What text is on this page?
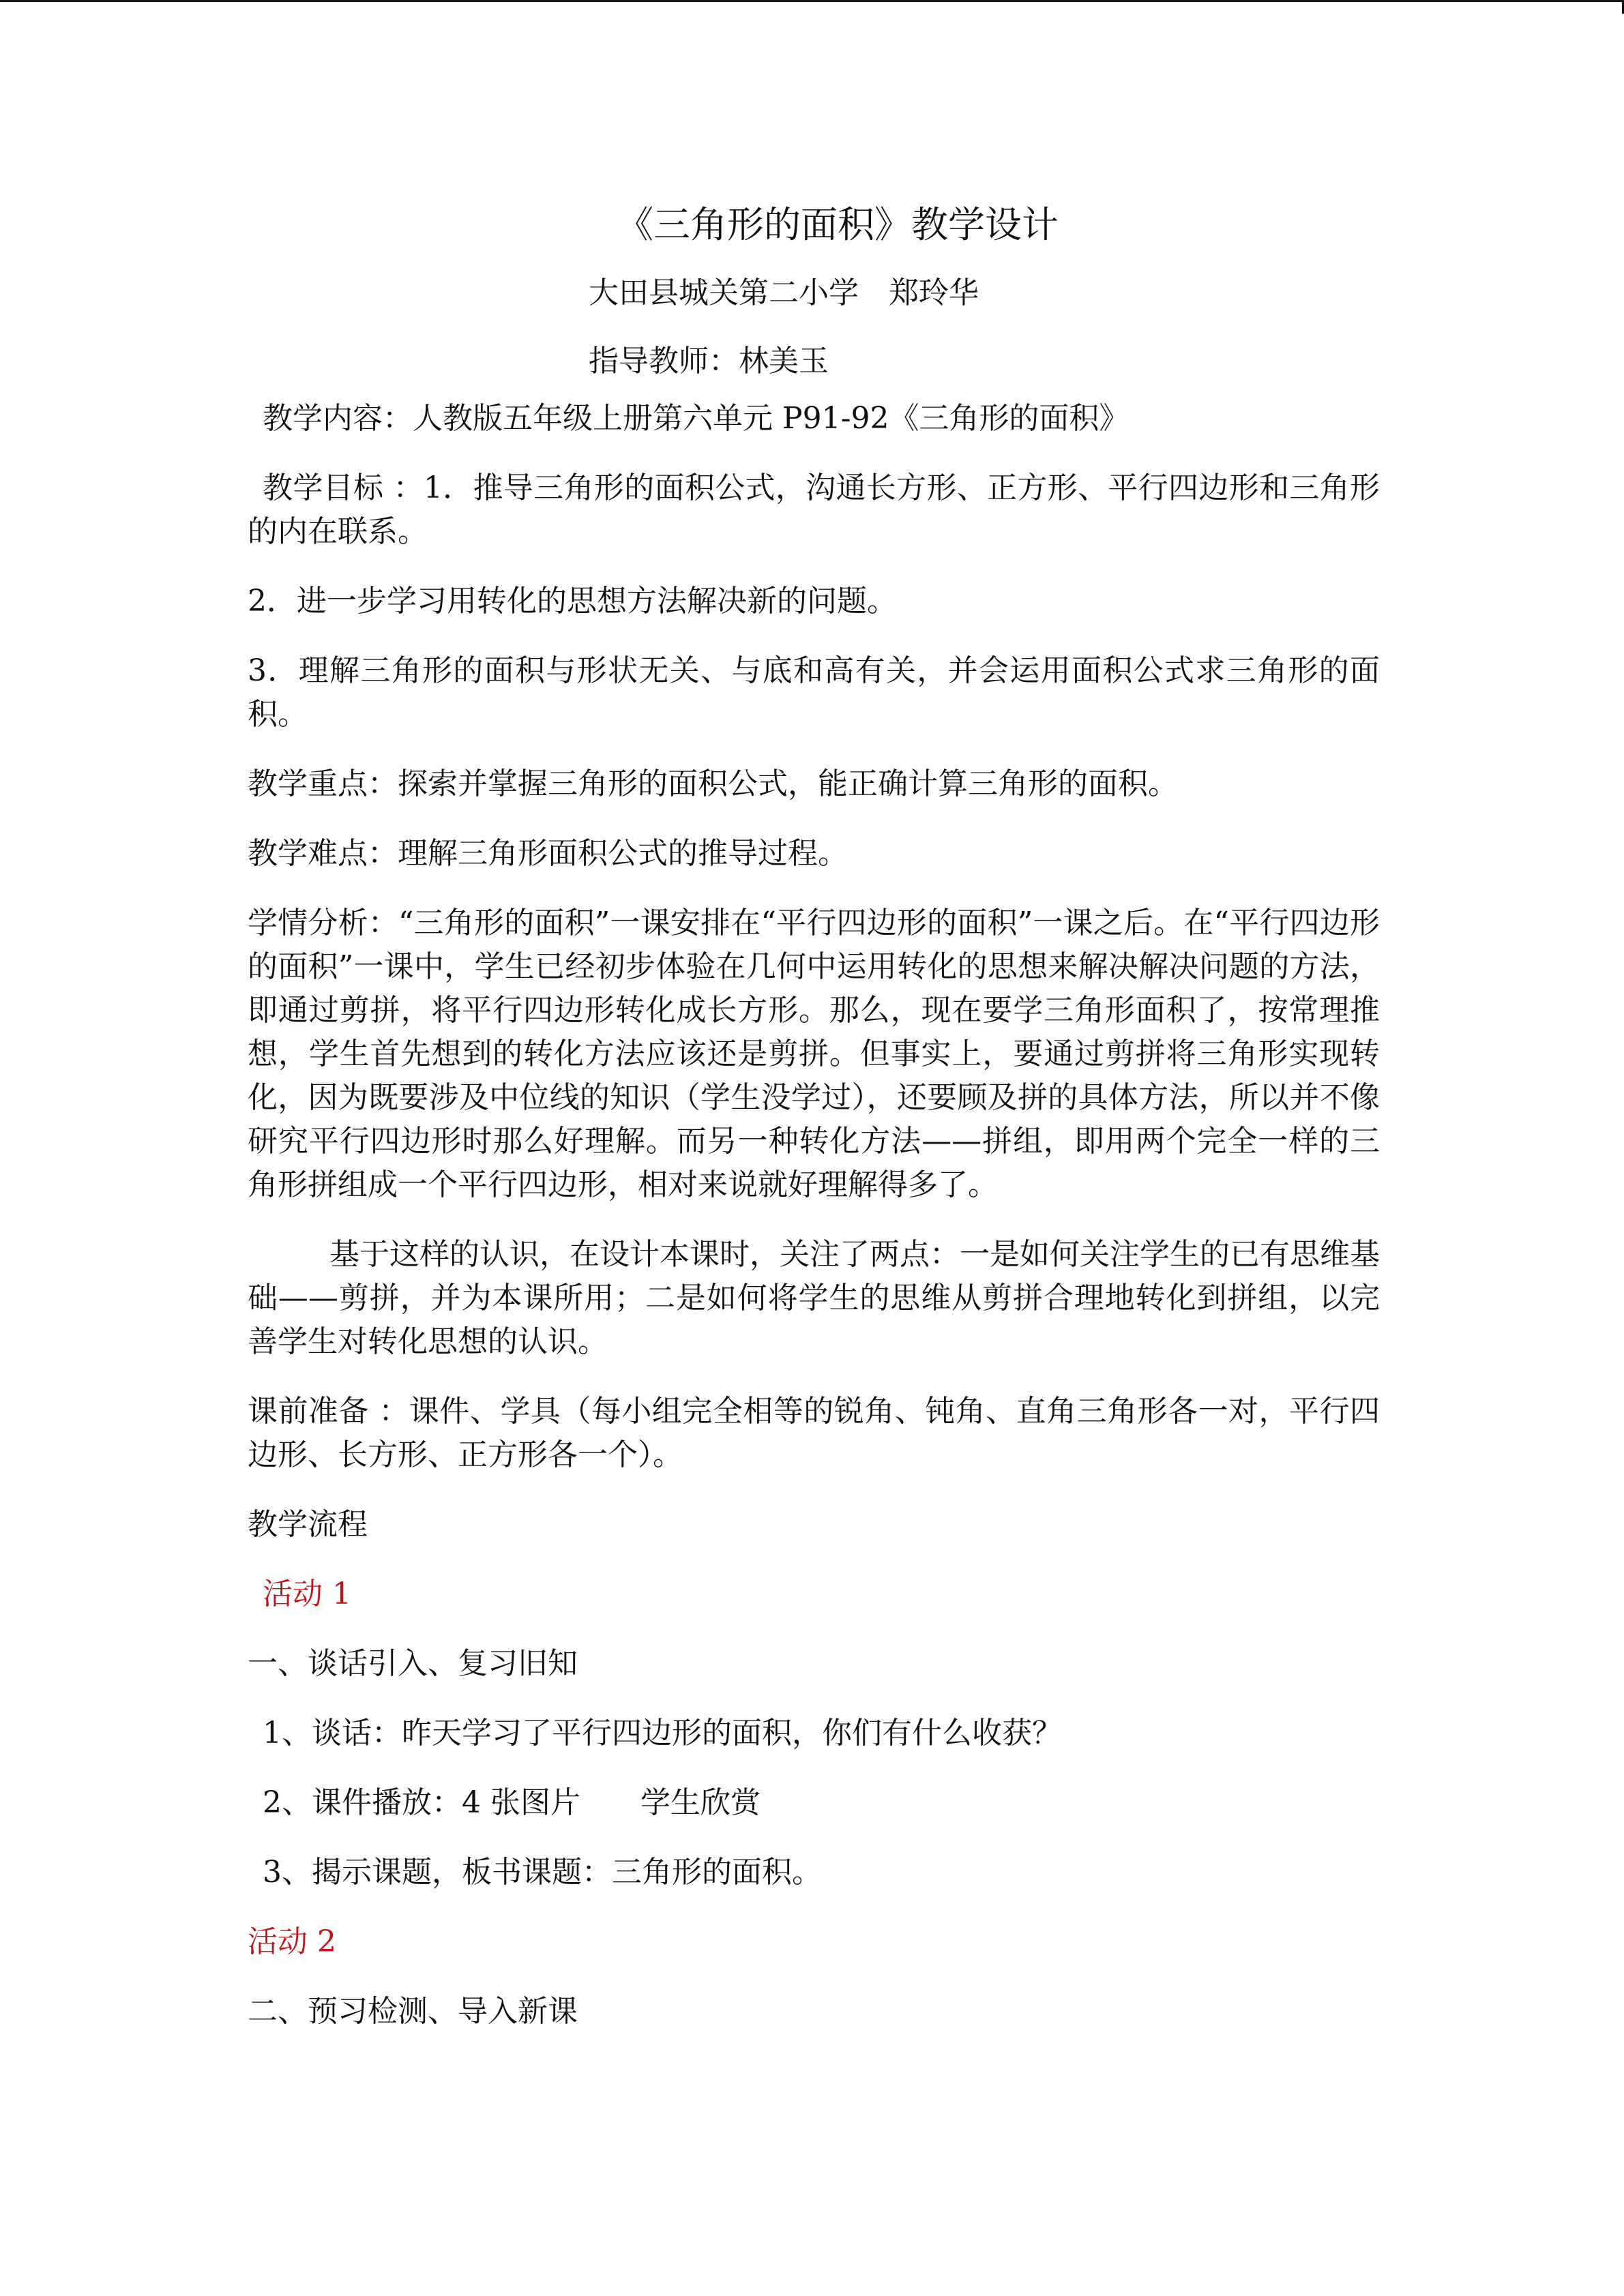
《三角形的面积》教学设计

大田县城关第二小学　郑玲华

指导教师：林美玉

教学内容：人教版五年级上册第六单元 P91-92《三角形的面积》

教学目标 ：1．推导三角形的面积公式，沟通长方形、正方形、平行四边形和三角形的内在联系。

2．进一步学习用转化的思想方法解决新的问题。

3．理解三角形的面积与形状无关、与底和高有关，并会运用面积公式求三角形的面积。

教学重点：探索并掌握三角形的面积公式，能正确计算三角形的面积。

教学难点：理解三角形面积公式的推导过程。

学情分析：“三角形的面积”一课安排在“平行四边形的面积”一课之后。在“平行四边形的面积”一课中，学生已经初步体验在几何中运用转化的思想来解决解决问题的方法，即通过剪拼，将平行四边形转化成长方形。那么，现在要学三角形面积了，按常理推想，学生首先想到的转化方法应该还是剪拼。但事实上，要通过剪拼将三角形实现转化，因为既要涉及中位线的知识（学生没学过），还要顾及拼的具体方法，所以并不像研究平行四边形时那么好理解。而另一种转化方法——拼组，即用两个完全一样的三角形拼组成一个平行四边形，相对来说就好理解得多了。

基于这样的认识，在设计本课时，关注了两点：一是如何关注学生的已有思维基础——剪拼，并为本课所用；二是如何将学生的思维从剪拼合理地转化到拼组，以完善学生对转化思想的认识。

课前准备 ：课件、学具（每小组完全相等的锐角、钝角、直角三角形各一对，平行四边形、长方形、正方形各一个）。

教学流程

活动 1

一、谈话引入、复习旧知

1、谈话：昨天学习了平行四边形的面积，你们有什么收获？

2、课件播放：4 张图片　　学生欣赏

3、揭示课题，板书课题：三角形的面积。

活动 2

二、预习检测、导入新课
